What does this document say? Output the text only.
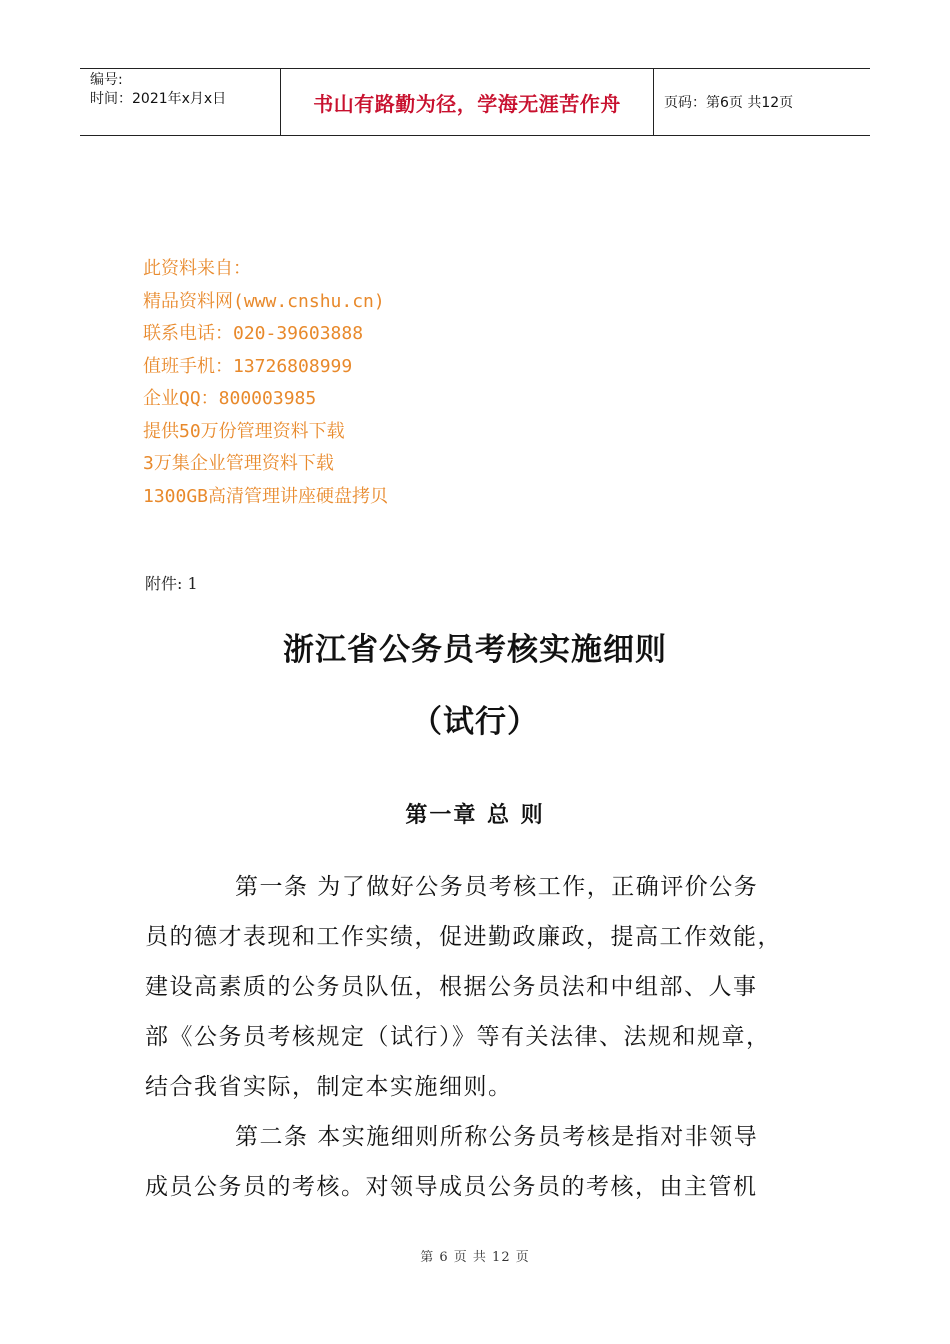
编号:
时间：2021年x月x日	书山有路勤为径，学海无涯苦作舟	页码：第6页 共12页
此资料来自：
精品资料网(www.cnshu.cn)
联系电话：020-39603888
值班手机：13726808999
企业QQ：800003985
提供50万份管理资料下载
3万集企业管理资料下载
1300GB高清管理讲座硬盘拷贝
附件: 1
浙江省公务员考核实施细则
（试行）
第一章 总 则
第一条 为了做好公务员考核工作，正确评价公务
员的德才表现和工作实绩，促进勤政廉政，提高工作效能，
建设高素质的公务员队伍，根据公务员法和中组部、人事
部《公务员考核规定（试行）》等有关法律、法规和规章，
结合我省实际，制定本实施细则。
第二条 本实施细则所称公务员考核是指对非领导
成员公务员的考核。对领导成员公务员的考核，由主管机
第 6 页 共 12 页
